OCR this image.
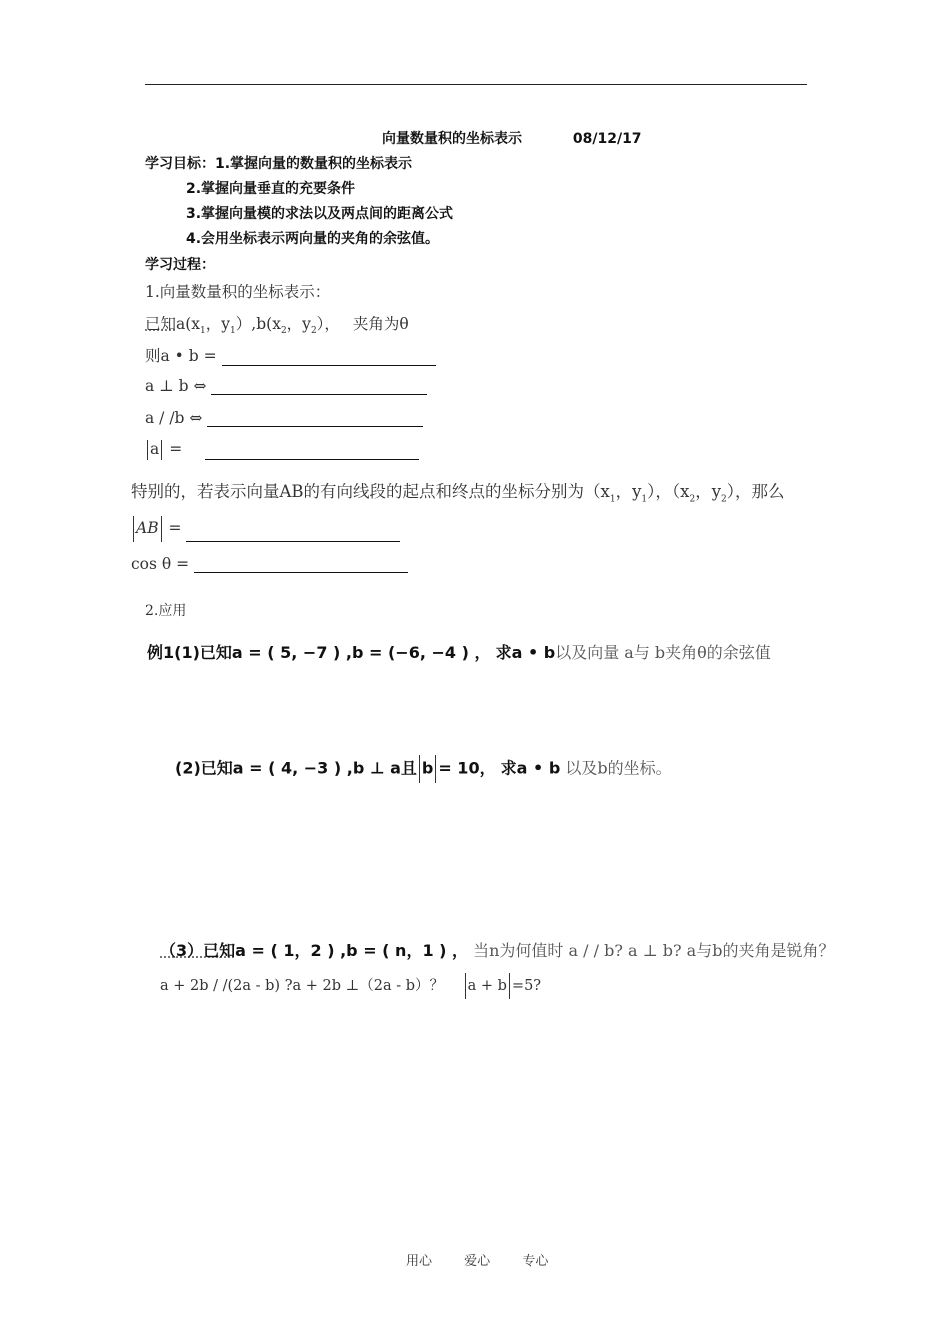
向量数量积的坐标表示	08/12/17
学习目标：1.掌握向量的数量积的坐标表示
2.掌握向量垂直的充要条件
3.掌握向量模的求法以及两点间的距离公式
4.会用坐标表示两向量的夹角的余弦值。
学习过程：
1.向量数量积的坐标表示：
已知$a(x_1$，$y_1),b(x_2$，$y_2$）， 夹角为θ
则a • b =
a ⊥ b ⇔
a / /b ⇔
a =
特别的，若表示向量AB的有向线段的起点和终点的坐标分别为（$x_1$，$y_1$），（$x_2$，$y_2$），那么
AB =
cos θ =
2.应用
例1(1)已知a = ( 5, −7 ) ,b = (−6, −4 ) ， 求a • b以及向量 a与 b夹角θ的余弦值
(2)已知a = ( 4, −3 ) ,b ⊥ a且 b = 10， 求a • b 以及b的坐标。
（3）已知a = ( 1，2 ) ,b = ( n，1 ) ， 当n为何值时 a / / b? a ⊥ b? a与b的夹角是锐角？
a + 2b / /(2a - b) ?a + 2b ⊥（2a - b）？ a + b =5?
用心 爱心 专心
